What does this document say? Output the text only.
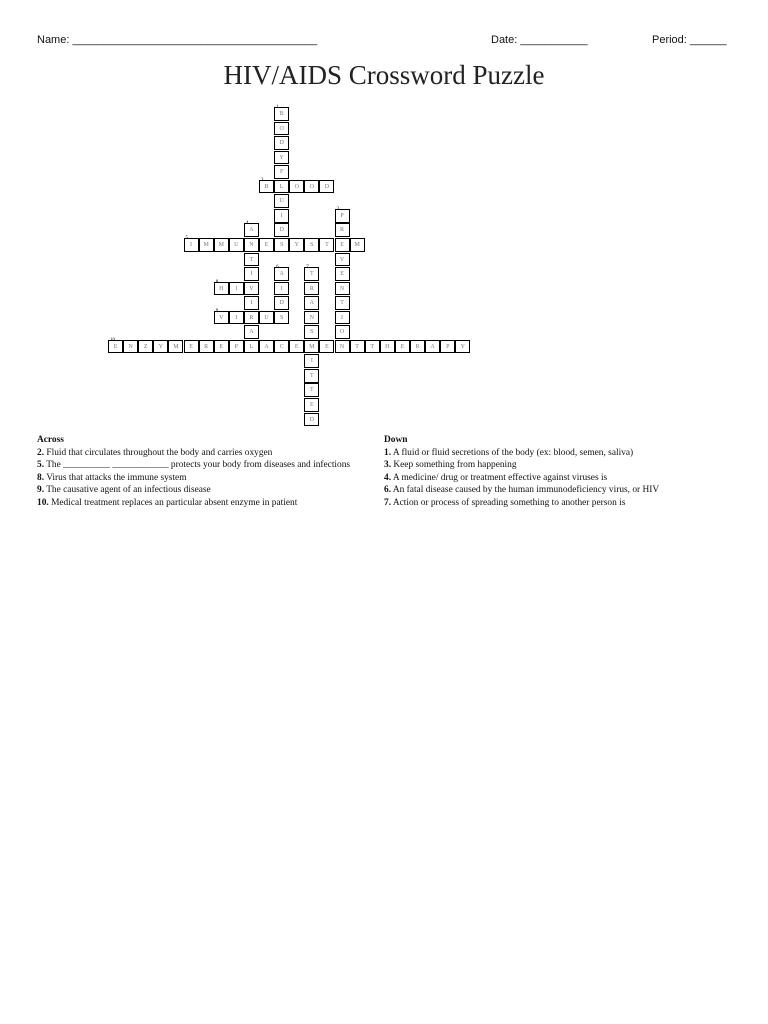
Name: ________________________________________	Date: ___________	Period: ______
HIV/AIDS Crossword Puzzle
B
1
O
D
Y
F
B
2
L	O	O	D
U
I	P
3
A
4
D	R
I
5
M	M	U	N	E	S	Y	S	T	E	M
T	V
I	A
6
T
7
E
H
8
I	V	I	R	N
I	D	A	T
V
9
I	R	U	S	N	I
A	S	O
E
10
N	Z	Y	M	E	R	E	P	L	A	C	E	M	E	N	T	T	H	E	R	A	P	Y
I
T
T
E
D
Across
2. Fluid that circulates throughout the body and carries oxygen
5. The __________ ____________ protects your body from diseases and infections
8. Virus that attacks the immune system
9. The causative agent of an infectious disease
10. Medical treatment replaces an particular absent enzyme in patient
Down
1. A fluid or fluid secretions of the body (ex: blood, semen, saliva)
3. Keep something from happening
4. A medicine/ drug or treatment effective against viruses is
6. An fatal disease caused by the human immunodeficiency virus, or HIV
7. Action or process of spreading something to another person is
